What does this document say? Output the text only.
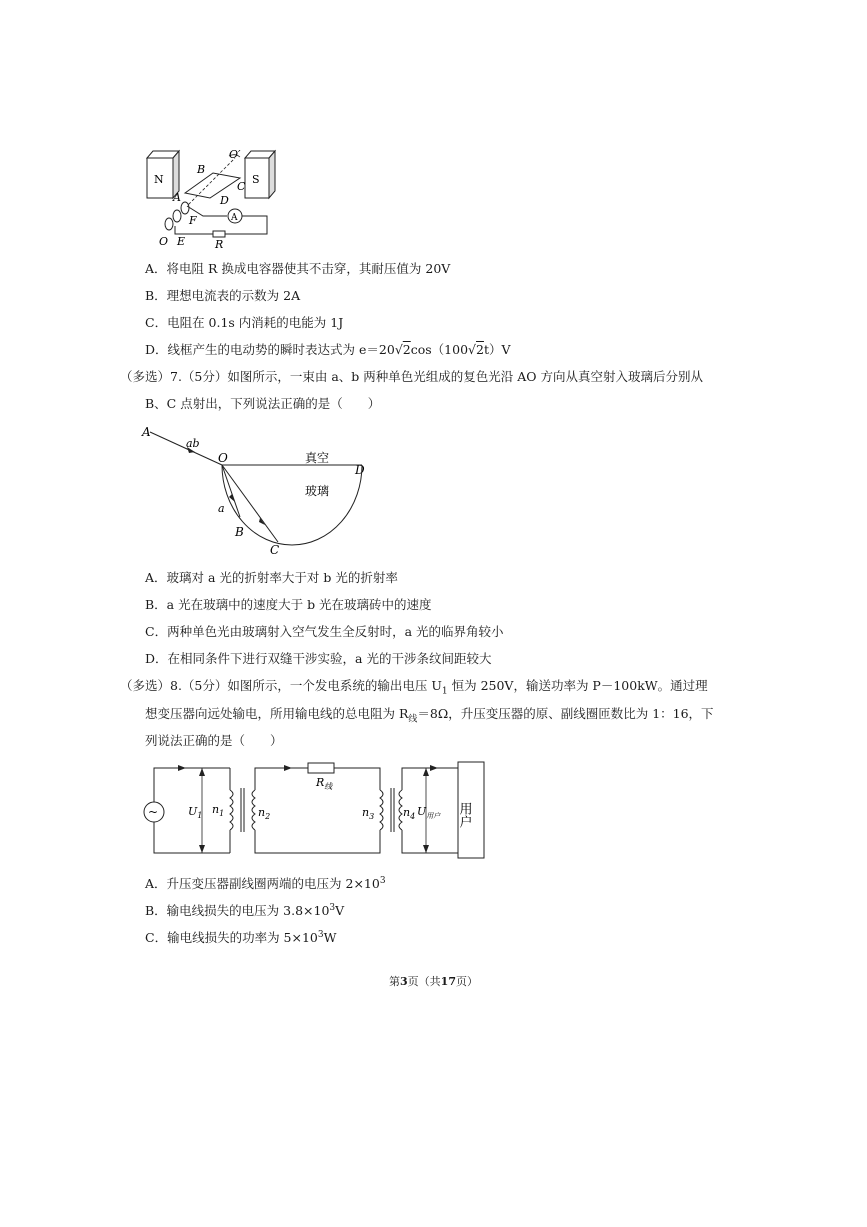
N	S
B
O′
A
C
D
F
O E
A
R
A．将电阻 R 换成电容器使其不击穿，其耐压值为 20V
B．理想电流表的示数为 2A
C．电阻在 0.1s 内消耗的电能为 1J
D．线框产生的电动势的瞬时表达式为 e＝20√2cos（100√2t）V
（多选）7.（5分）如图所示，一束由 a、b 两种单色光组成的复色光沿 AO 方向从真空射入玻璃后分别从
B、C 点射出，下列说法正确的是（　　）
A
ab
O	真空
D
玻璃
a
B
C
A．玻璃对 a 光的折射率大于对 b 光的折射率
B．a 光在玻璃中的速度大于 b 光在玻璃砖中的速度
C．两种单色光由玻璃射入空气发生全反射时，a 光的临界角较小
D．在相同条件下进行双缝干涉实验，a 光的干涉条纹间距较大
（多选）8.（5分）如图所示，一个发电系统的输出电压 $U_1$ 恒为 250V，输送功率为 P－100kW。通过理
想变压器向远处输电，所用输电线的总电阻为 $R_线=8\Omega$，升压变压器的原、副线圈匝数比为 1：16，下
列说法正确的是（　　）
~	$U_1$ $n_1$	$n_2$
$R_线$
$n_3$	$n_4$ $U_{用户}$ 用户
A．升压变压器副线圈两端的电压为 $2\times 10^3$
B．输电线损失的电压为 $3.8\times 10^3V$
C．输电线损失的功率为 $5\times 10^3W$
第3页（共17页）
